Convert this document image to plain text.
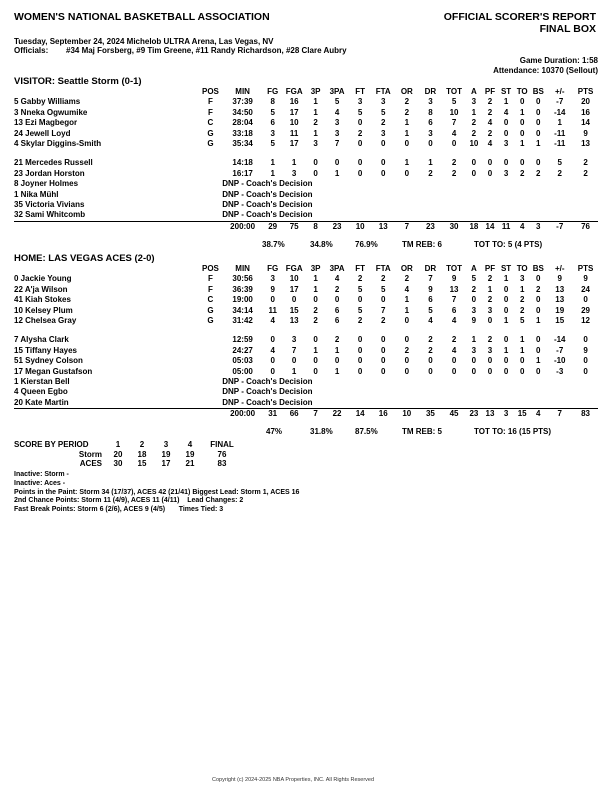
WOMEN'S NATIONAL BASKETBALL ASSOCIATION	OFFICIAL SCORER'S REPORT
FINAL BOX
Tuesday, September 24, 2024 Michelob ULTRA Arena, Las Vegas, NV
Officials: #34 Maj Forsberg, #9 Tim Greene, #11 Randy Richardson, #28 Clare Aubry
Game Duration: 1:58
Attendance: 10370 (Sellout)
VISITOR: Seattle Storm (0-1)
	POS	MIN	FG	FGA	3P	3PA	FT	FTA	OR	DR	TOT	A	PF	ST	TO	BS	+/-	PTS
5 Gabby Williams	F	37:39	8	16	1	5	3	3	2	3	5	3	2	1	0	0	-7	20
3 Nneka Ogwumike	F	34:50	5	17	1	4	5	5	2	8	10	1	2	4	1	0	-14	16
13 Ezi Magbegor	C	28:04	6	10	2	3	0	2	1	6	7	2	4	0	0	0	1	14
24 Jewell Loyd	G	33:18	3	11	1	3	2	3	1	3	4	2	2	0	0	0	-11	9
4 Skylar Diggins-Smith	G	35:34	5	17	3	7	0	0	0	0	0	10	4	3	1	1	-11	13

21 Mercedes Russell		14:18	1	1	0	0	0	0	1	1	2	0	0	0	0	0	5	2
23 Jordan Horston		16:17	1	3	0	1	0	0	0	2	2	0	0	3	2	2	2	2
8 Joyner Holmes		DNP - Coach's Decision																
1 Nika Mühl		DNP - Coach's Decision																
35 Victoria Vivians		DNP - Coach's Decision																
32 Sami Whitcomb		DNP - Coach's Decision																
		200:00	29	75	8	23	10	13	7	23	30	18	14	11	4	3	-7	76
38.7%	34.8%	76.9%	TM REB: 6	TOT TO: 5 (4 PTS)
HOME: LAS VEGAS ACES (2-0)
	POS	MIN	FG	FGA	3P	3PA	FT	FTA	OR	DR	TOT	A	PF	ST	TO	BS	+/-	PTS
0 Jackie Young	F	30:56	3	10	1	4	2	2	2	7	9	5	2	1	3	0	9	9
22 A'ja Wilson	F	36:39	9	17	1	2	5	5	4	9	13	2	1	0	1	2	13	24
41 Kiah Stokes	C	19:00	0	0	0	0	0	0	1	6	7	0	2	0	2	0	13	0
10 Kelsey Plum	G	34:14	11	15	2	6	5	7	1	5	6	3	3	0	2	0	19	29
12 Chelsea Gray	G	31:42	4	13	2	6	2	2	0	4	4	9	0	1	5	1	15	12

7 Alysha Clark		12:59	0	3	0	2	0	0	0	2	2	1	2	0	1	0	-14	0
15 Tiffany Hayes		24:27	4	7	1	1	0	0	2	2	4	3	3	1	1	0	-7	9
51 Sydney Colson		05:03	0	0	0	0	0	0	0	0	0	0	0	0	0	1	-10	0
17 Megan Gustafson		05:00	0	1	0	1	0	0	0	0	0	0	0	0	0	0	-3	0
1 Kierstan Bell		DNP - Coach's Decision																
4 Queen Egbo		DNP - Coach's Decision																
20 Kate Martin		DNP - Coach's Decision																
		200:00	31	66	7	22	14	16	10	35	45	23	13	3	15	4	7	83
47%	31.8%	87.5%	TM REB: 5	TOT TO: 16 (15 PTS)
SCORE BY PERIOD	1	2	3	4	FINAL
Storm	20	18	19	19	76
ACES	30	15	17	21	83
Inactive: Storm -
Inactive: Aces -
Points in the Paint: Storm 34 (17/37), ACES 42 (21/41) Biggest Lead: Storm 1, ACES 16
2nd Chance Points: Storm 11 (4/9), ACES 11 (4/11) Lead Changes: 2
Fast Break Points: Storm 6 (2/6), ACES 9 (4/5) Times Tied: 3
Copyright (c) 2024-2025 NBA Properties, INC. All Rights Reserved
